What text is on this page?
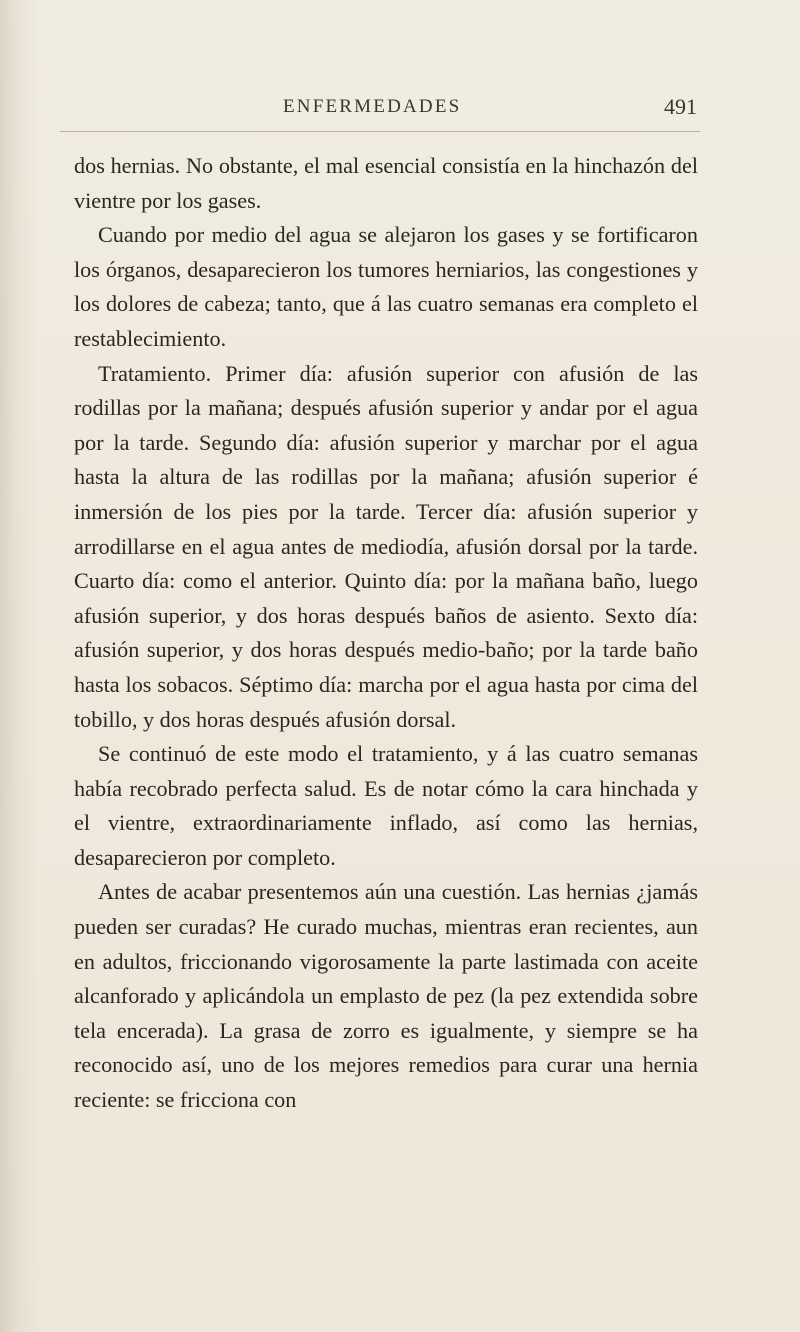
ENFERMEDADES	491

dos hernias. No obstante, el mal esencial consistía en la hinchazón del vientre por los gases.

Cuando por medio del agua se alejaron los gases y se fortificaron los órganos, desaparecieron los tumores herniarios, las congestiones y los dolores de cabeza; tanto, que á las cuatro semanas era completo el restablecimiento.

Tratamiento. Primer día: afusión superior con afusión de las rodillas por la mañana; después afusión superior y andar por el agua por la tarde. Segundo día: afusión superior y marchar por el agua hasta la altura de las rodillas por la mañana; afusión superior é inmersión de los pies por la tarde. Tercer día: afusión superior y arrodillarse en el agua antes de mediodía, afusión dorsal por la tarde. Cuarto día: como el anterior. Quinto día: por la mañana baño, luego afusión superior, y dos horas después baños de asiento. Sexto día: afusión superior, y dos horas después medio-baño; por la tarde baño hasta los sobacos. Séptimo día: marcha por el agua hasta por cima del tobillo, y dos horas después afusión dorsal.

Se continuó de este modo el tratamiento, y á las cuatro semanas había recobrado perfecta salud. Es de notar cómo la cara hinchada y el vientre, extraordinariamente inflado, así como las hernias, desaparecieron por completo.

Antes de acabar presentemos aún una cuestión. Las hernias ¿jamás pueden ser curadas? He curado muchas, mientras eran recientes, aun en adultos, friccionando vigorosamente la parte lastimada con aceite alcanforado y aplicándola un emplasto de pez (la pez extendida sobre tela encerada). La grasa de zorro es igualmente, y siempre se ha reconocido así, uno de los mejores remedios para curar una hernia reciente: se fricciona con
